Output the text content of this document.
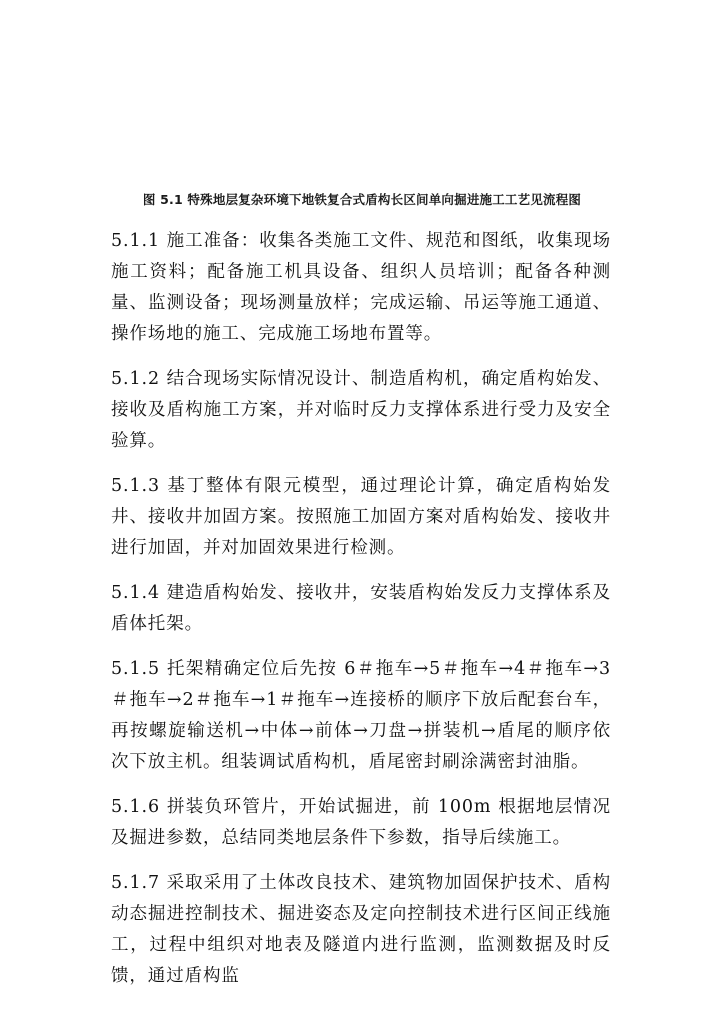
图 5.1 特殊地层复杂环境下地铁复合式盾构长区间单向掘进施工工艺见流程图

5.1.1 施工准备：收集各类施工文件、规范和图纸，收集现场施工资料；配备施工机具设备、组织人员培训；配备各种测量、监测设备；现场测量放样；完成运输、吊运等施工通道、操作场地的施工、完成施工场地布置等。

5.1.2 结合现场实际情况设计、制造盾构机，确定盾构始发、接收及盾构施工方案，并对临时反力支撑体系进行受力及安全验算。

5.1.3 基丁整体有限元模型，通过理论计算，确定盾构始发井、接收井加固方案。按照施工加固方案对盾构始发、接收井进行加固，并对加固效果进行检测。

5.1.4 建造盾构始发、接收井，安装盾构始发反力支撑体系及盾体托架。

5.1.5 托架精确定位后先按 6＃拖车→5＃拖车→4＃拖车→3＃拖车→2＃拖车→1＃拖车→连接桥的顺序下放后配套台车，再按螺旋输送机→中体→前体→刀盘→拼装机→盾尾的顺序依次下放主机。组装调试盾构机，盾尾密封刷涂满密封油脂。

5.1.6 拼装负环管片，开始试掘进，前 100m 根据地层情况及掘进参数，总结同类地层条件下参数，指导后续施工。

5.1.7 采取采用了土体改良技术、建筑物加固保护技术、盾构动态掘进控制技术、掘进姿态及定向控制技术进行区间正线施工，过程中组织对地表及隧道内进行监测，监测数据及时反馈，通过盾构监
